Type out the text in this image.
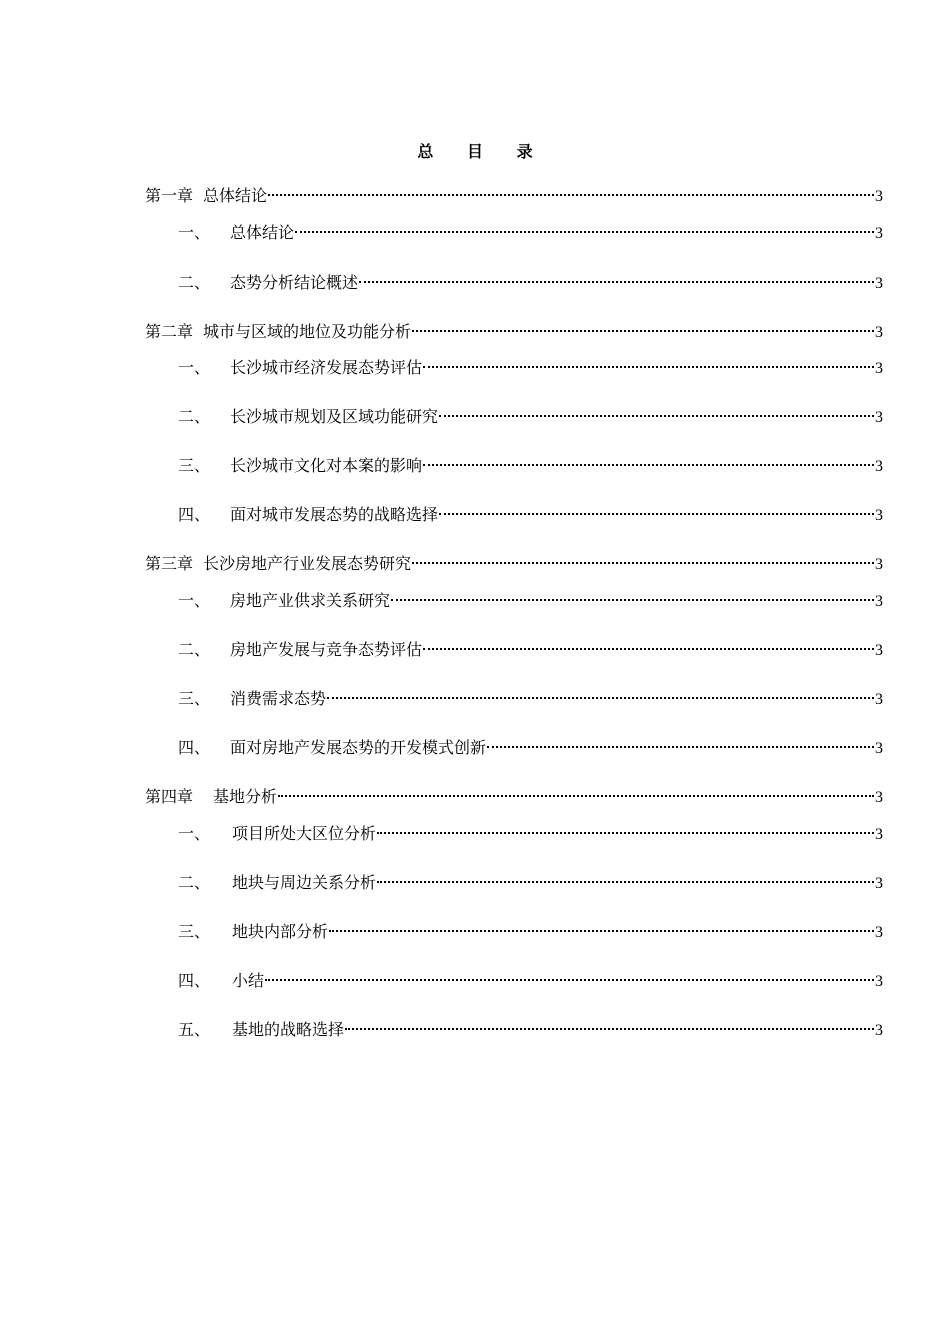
总 目 录
第一章 总体结论	3
一、 总体结论	3
二、 态势分析结论概述	3
第二章 城市与区域的地位及功能分析	3
一、 长沙城市经济发展态势评估	3
二、 长沙城市规划及区域功能研究	3
三、 长沙城市文化对本案的影响	3
四、 面对城市发展态势的战略选择	3
第三章 长沙房地产行业发展态势研究	3
一、 房地产业供求关系研究	3
二、 房地产发展与竞争态势评估	3
三、 消费需求态势	3
四、 面对房地产发展态势的开发模式创新	3
第四章 基地分析	3
一、 项目所处大区位分析	3
二、 地块与周边关系分析	3
三、 地块内部分析	3
四、 小结	3
五、 基地的战略选择	3
